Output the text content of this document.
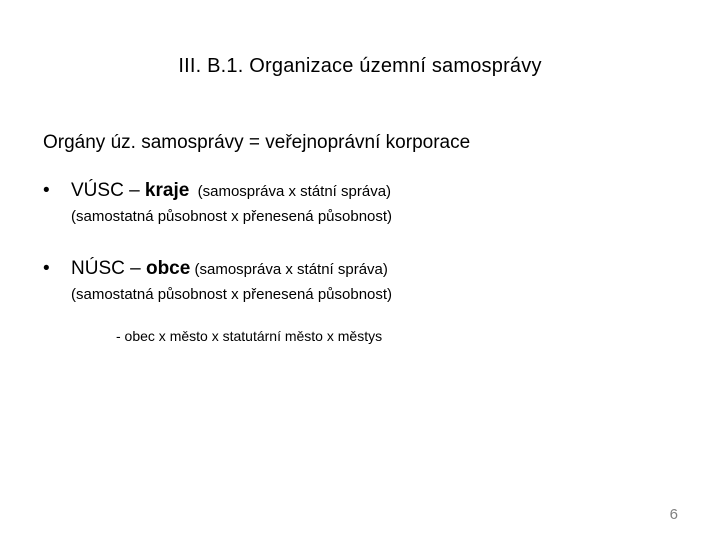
III. B.1. Organizace územní samosprávy
Orgány úz. samosprávy = veřejnoprávní korporace
• VÚSC – kraje  (samospráva x státní správa)
(samostatná působnost x přenesená působnost)
• NÚSC – obce (samospráva x státní správa)
(samostatná působnost x přenesená působnost)
- obec x město x statutární město x městys
6
